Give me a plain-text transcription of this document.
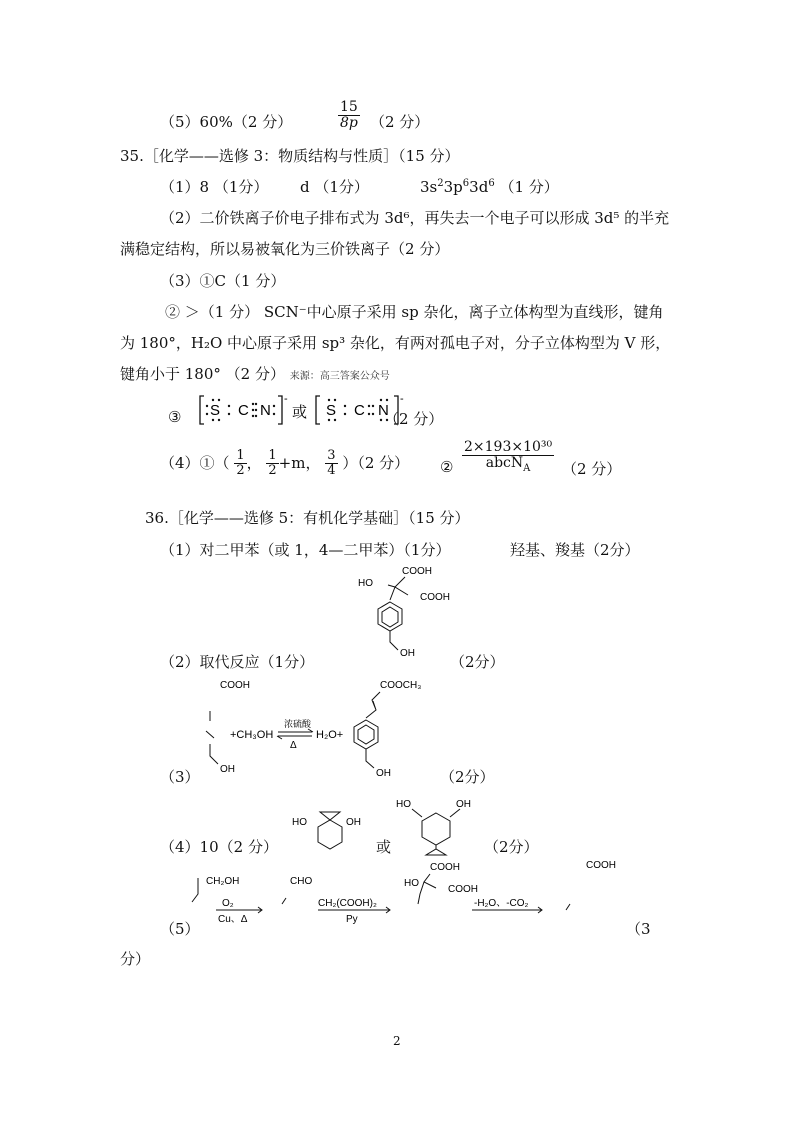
（5）60%（2 分）	$\frac{15}{8p} (2$ 分）
35.［化学——选修 3：物质结构与性质］（15 分）
（1）8 （1分） d （1分）	$3s^23p^63d^6$ （1 分）
（2）二价铁离子价电子排布式为 3d⁶，再失去一个电子可以形成 3d⁵ 的半充
满稳定结构，所以易被氧化为三价铁离子（2 分）
（3）①C（1 分）
② ＞（1 分） SCN⁻中心原子采用 sp 杂化，离子立体构型为直线形，键角
为 180°，H₂O 中心原子采用 sp³ 杂化，有两对孤电子对，分子立体构型为 V 形，
键角小于 180° （2 分） 来源：高三答案公众号
③ S C N
-
或 S C N
-
（2 分）
（4）①（ $\frac{1}{2}$ ， $\frac{1}{2} +m$， $\frac{3}{4} )(2$ 分） ② $\frac{\text{2×193×10³⁰}}{abcN_A} (2$ 分）
36.［化学——选修 5：有机化学基础］（15 分）
（1）对二甲苯（或 1，4—二甲苯）（1分）	羟基、羧基（2分）
COOH
COOH
HO
OH
（2）取代反应（1分）	（2分）
COOH
OH
+CH₃OH
浓硫酸
Δ
H₂O+
COOCH₃
OH
（3）	（2分）
HO	OH
或
HO	OH
（4）10（2 分）	（2分）
CH₂OH
O₂
Cu、Δ
CHO
CH₂(COOH)₂
Py
HO
COOH
COOH
-H₂O、-CO₂
COOH
（5）	（3
分）
2
